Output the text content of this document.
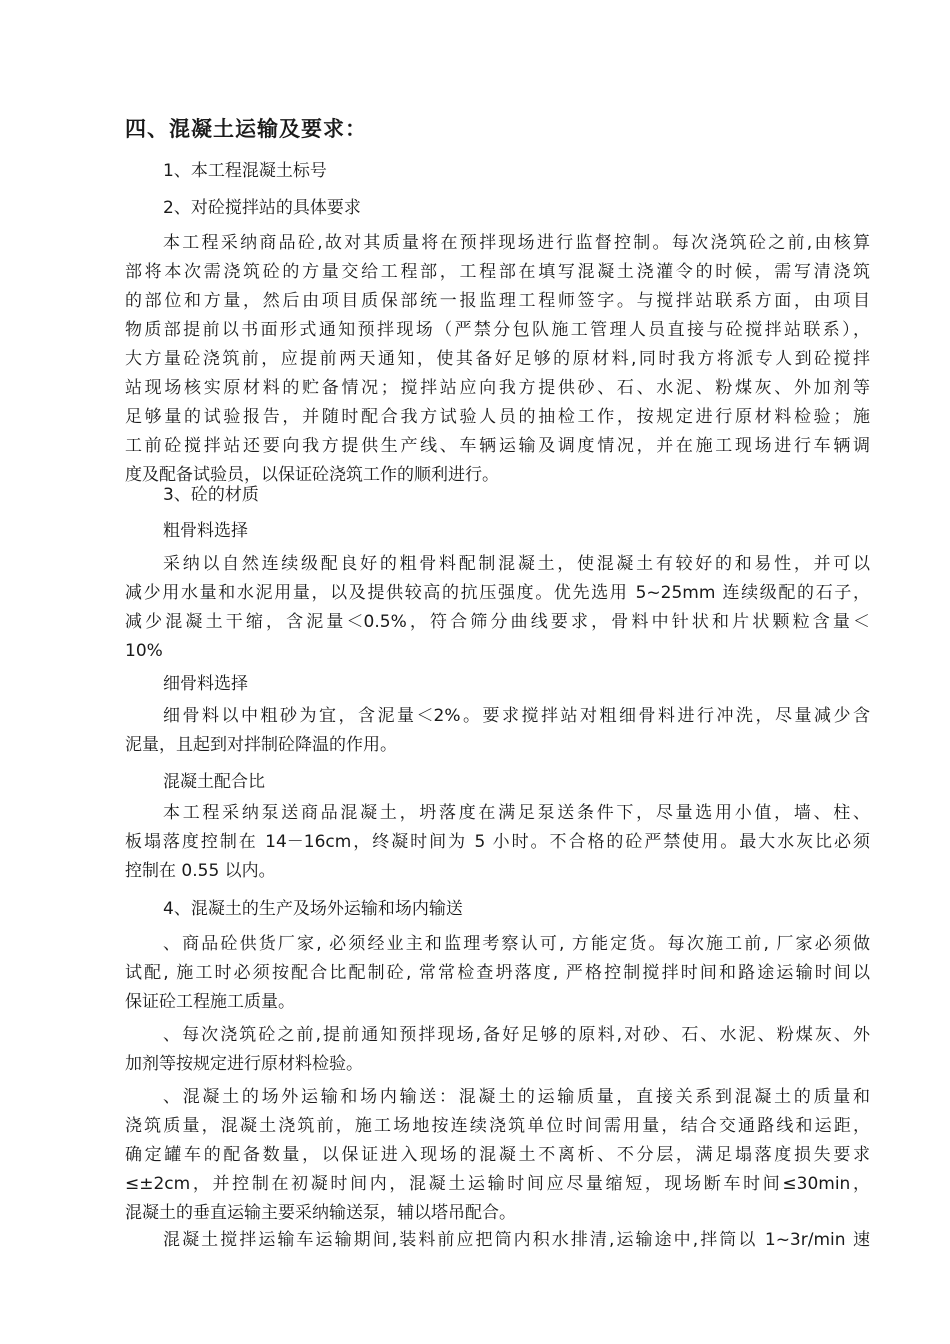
四、混凝土运输及要求：
1、本工程混凝土标号
2、对砼搅拌站的具体要求
本工程采纳商品砼,故对其质量将在预拌现场进行监督控制。每次浇筑砼之前,由核算
部将本次需浇筑砼的方量交给工程部，工程部在填写混凝土浇灌令的时候，需写清浇筑
的部位和方量，然后由项目质保部统一报监理工程师签字。与搅拌站联系方面，由项目
物质部提前以书面形式通知预拌现场（严禁分包队施工管理人员直接与砼搅拌站联系），
大方量砼浇筑前，应提前两天通知，使其备好足够的原材料,同时我方将派专人到砼搅拌
站现场核实原材料的贮备情况；搅拌站应向我方提供砂、石、水泥、粉煤灰、外加剂等
足够量的试验报告，并随时配合我方试验人员的抽检工作，按规定进行原材料检验；施
工前砼搅拌站还要向我方提供生产线、车辆运输及调度情况，并在施工现场进行车辆调
度及配备试验员，以保证砼浇筑工作的顺利进行。
3、砼的材质
粗骨料选择
采纳以自然连续级配良好的粗骨料配制混凝土，使混凝土有较好的和易性，并可以
减少用水量和水泥用量，以及提供较高的抗压强度。优先选用 5~25mm 连续级配的石子，
减少混凝土干缩，含泥量＜0.5%，符合筛分曲线要求，骨料中针状和片状颗粒含量＜
10%
细骨料选择
细骨料以中粗砂为宜，含泥量＜2%。要求搅拌站对粗细骨料进行冲洗，尽量减少含
泥量，且起到对拌制砼降温的作用。
混凝土配合比
本工程采纳泵送商品混凝土，坍落度在满足泵送条件下，尽量选用小值，墙、柱、
板塌落度控制在 14－16cm，终凝时间为 5 小时。不合格的砼严禁使用。最大水灰比必须
控制在 0.55 以内。
4、混凝土的生产及场外运输和场内输送
、商品砼供货厂家, 必须经业主和监理考察认可, 方能定货。每次施工前, 厂家必须做
试配, 施工时必须按配合比配制砼, 常常检查坍落度, 严格控制搅拌时间和路途运输时间以
保证砼工程施工质量。
、每次浇筑砼之前,提前通知预拌现场,备好足够的原料,对砂、石、水泥、粉煤灰、外
加剂等按规定进行原材料检验。
、混凝土的场外运输和场内输送：混凝土的运输质量，直接关系到混凝土的质量和
浇筑质量，混凝土浇筑前，施工场地按连续浇筑单位时间需用量，结合交通路线和运距，
确定罐车的配备数量，以保证进入现场的混凝土不离析、不分层，满足塌落度损失要求
≤±2cm，并控制在初凝时间内，混凝土运输时间应尽量缩短，现场断车时间≤30min，
混凝土的垂直运输主要采纳输送泵，辅以塔吊配合。
混凝土搅拌运输车运输期间,装料前应把筒内积水排清,运输途中,拌筒以 1~3r/min 速
